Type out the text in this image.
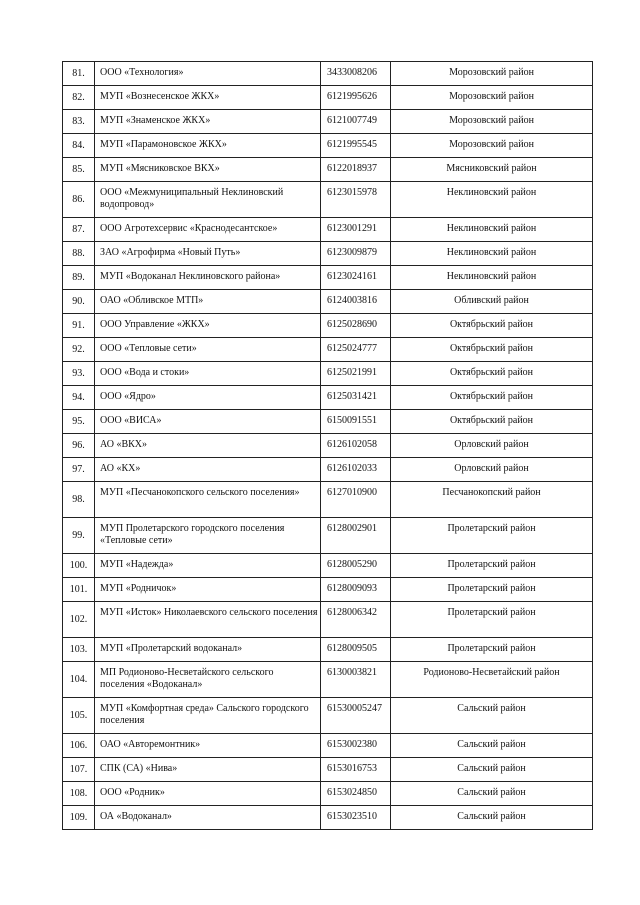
81.	ООО «Технология»	3433008206	Морозовский район
82.	МУП «Вознесенское ЖКХ»	6121995626	Морозовский район
83.	МУП «Знаменское ЖКХ»	6121007749	Морозовский район
84.	МУП «Парамоновское ЖКХ»	6121995545	Морозовский район
85.	МУП «Мясниковское ВКХ»	6122018937	Мясниковский район
86.	ООО «Межмуниципальный Неклиновский водопровод»	6123015978	Неклиновский район
87.	ООО Агротехсервис «Краснодесантское»	6123001291	Неклиновский район
88.	ЗАО «Агрофирма «Новый Путь»	6123009879	Неклиновский район
89.	МУП «Водоканал Неклиновского района»	6123024161	Неклиновский район
90.	ОАО «Обливское МТП»	6124003816	Обливский район
91.	ООО Управление «ЖКХ»	6125028690	Октябрьский район
92.	ООО «Тепловые сети»	6125024777	Октябрьский район
93.	ООО «Вода и стоки»	6125021991	Октябрьский район
94.	ООО «Ядро»	6125031421	Октябрьский район
95.	ООО «ВИСА»	6150091551	Октябрьский район
96.	АО «ВКХ»	6126102058	Орловский район
97.	АО «КХ»	6126102033	Орловский район
98.	МУП «Песчанокопского сельского поселения»	6127010900	Песчанокопский район
99.	МУП Пролетарского городского поселения «Тепловые сети»	6128002901	Пролетарский район
100.	МУП «Надежда»	6128005290	Пролетарский район
101.	МУП «Родничок»	6128009093	Пролетарский район
102.	МУП «Исток» Николаевского сельского поселения	6128006342	Пролетарский район
103.	МУП «Пролетарский водоканал»	6128009505	Пролетарский район
104.	МП Родионово-Несветайского сельского поселения «Водоканал»	6130003821	Родионово-Несветайский район
105.	МУП «Комфортная среда» Сальского городского поселения	61530005247	Сальский район
106.	ОАО «Авторемонтник»	6153002380	Сальский район
107.	СПК (СА) «Нива»	6153016753	Сальский район
108.	ООО «Родник»	6153024850	Сальский район
109.	ОА «Водоканал»	6153023510	Сальский район
